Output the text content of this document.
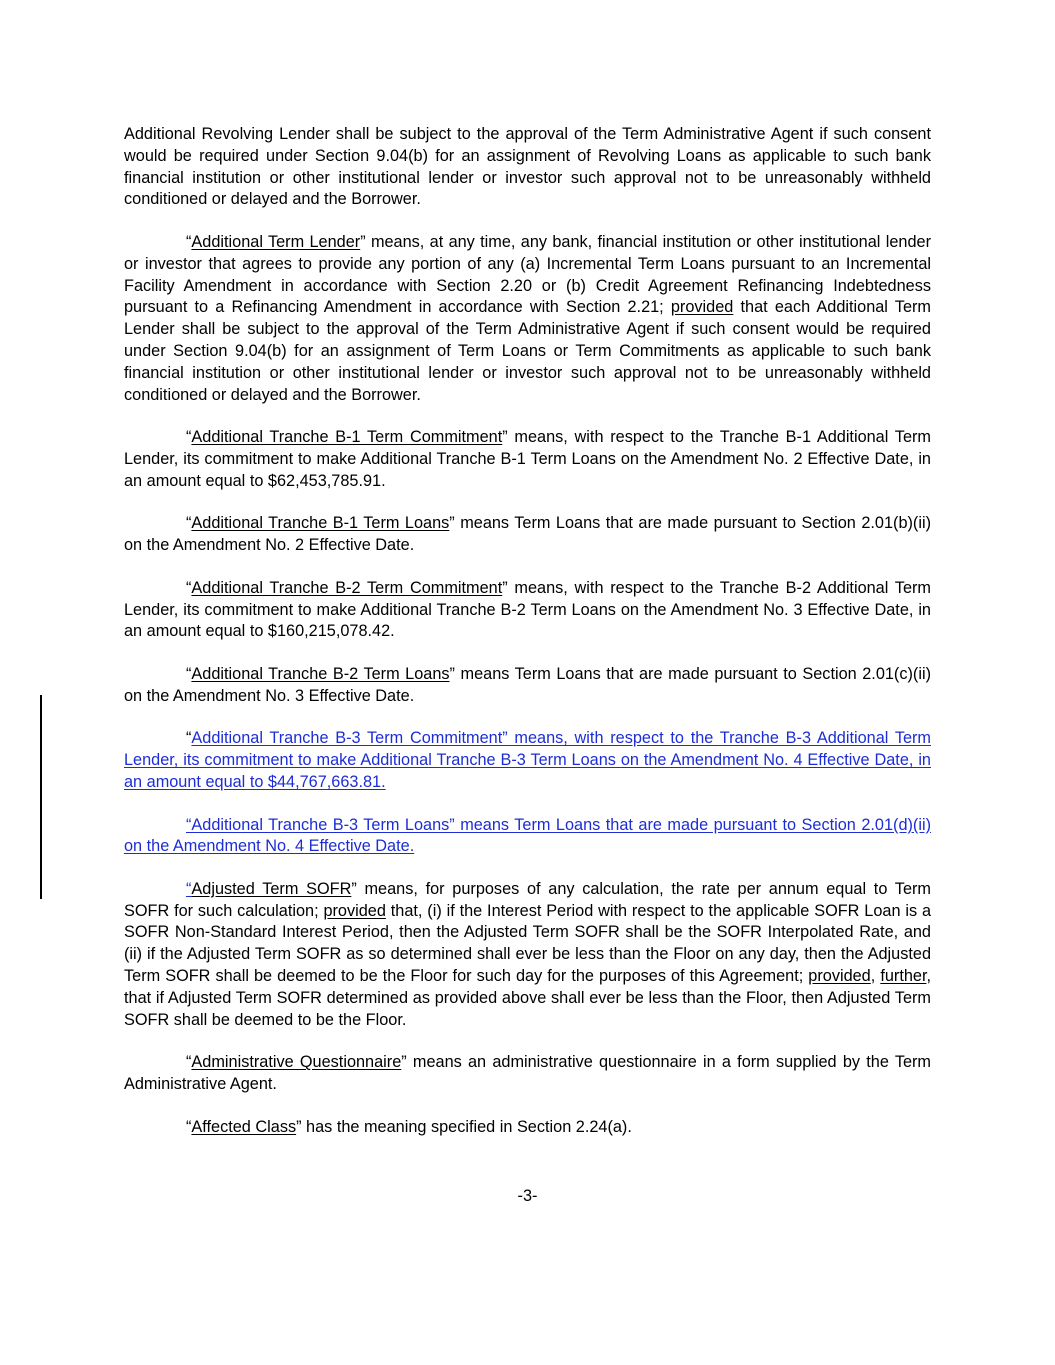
Additional Revolving Lender shall be subject to the approval of the Term Administrative Agent if such consent would be required under Section 9.04(b) for an assignment of Revolving Loans as applicable to such bank financial institution or other institutional lender or investor such approval not to be unreasonably withheld conditioned or delayed and the Borrower.

“Additional Term Lender” means, at any time, any bank, financial institution or other institutional lender or investor that agrees to provide any portion of any (a) Incremental Term Loans pursuant to an Incremental Facility Amendment in accordance with Section 2.20 or (b) Credit Agreement Refinancing Indebtedness pursuant to a Refinancing Amendment in accordance with Section 2.21; provided that each Additional Term Lender shall be subject to the approval of the Term Administrative Agent if such consent would be required under Section 9.04(b) for an assignment of Term Loans or Term Commitments as applicable to such bank financial institution or other institutional lender or investor such approval not to be unreasonably withheld conditioned or delayed and the Borrower.

“Additional Tranche B-1 Term Commitment” means, with respect to the Tranche B-1 Additional Term Lender, its commitment to make Additional Tranche B-1 Term Loans on the Amendment No. 2 Effective Date, in an amount equal to $62,453,785.91.

“Additional Tranche B-1 Term Loans” means Term Loans that are made pursuant to Section 2.01(b)(ii) on the Amendment No. 2 Effective Date.

“Additional Tranche B-2 Term Commitment” means, with respect to the Tranche B-2 Additional Term Lender, its commitment to make Additional Tranche B-2 Term Loans on the Amendment No. 3 Effective Date, in an amount equal to $160,215,078.42.

“Additional Tranche B-2 Term Loans” means Term Loans that are made pursuant to Section 2.01(c)(ii) on the Amendment No. 3 Effective Date.

“Additional Tranche B-3 Term Commitment” means, with respect to the Tranche B-3 Additional Term Lender, its commitment to make Additional Tranche B-3 Term Loans on the Amendment No. 4 Effective Date, in an amount equal to $44,767,663.81.

“Additional Tranche B-3 Term Loans” means Term Loans that are made pursuant to Section 2.01(d)(ii) on the Amendment No. 4 Effective Date.

“Adjusted Term SOFR” means, for purposes of any calculation, the rate per annum equal to Term SOFR for such calculation; provided that, (i) if the Interest Period with respect to the applicable SOFR Loan is a SOFR Non-Standard Interest Period, then the Adjusted Term SOFR shall be the SOFR Interpolated Rate, and (ii) if the Adjusted Term SOFR as so determined shall ever be less than the Floor on any day, then the Adjusted Term SOFR shall be deemed to be the Floor for such day for the purposes of this Agreement; provided, further, that if Adjusted Term SOFR determined as provided above shall ever be less than the Floor, then Adjusted Term SOFR shall be deemed to be the Floor.

“Administrative Questionnaire” means an administrative questionnaire in a form supplied by the Term Administrative Agent.

“Affected Class” has the meaning specified in Section 2.24(a).

-3-
